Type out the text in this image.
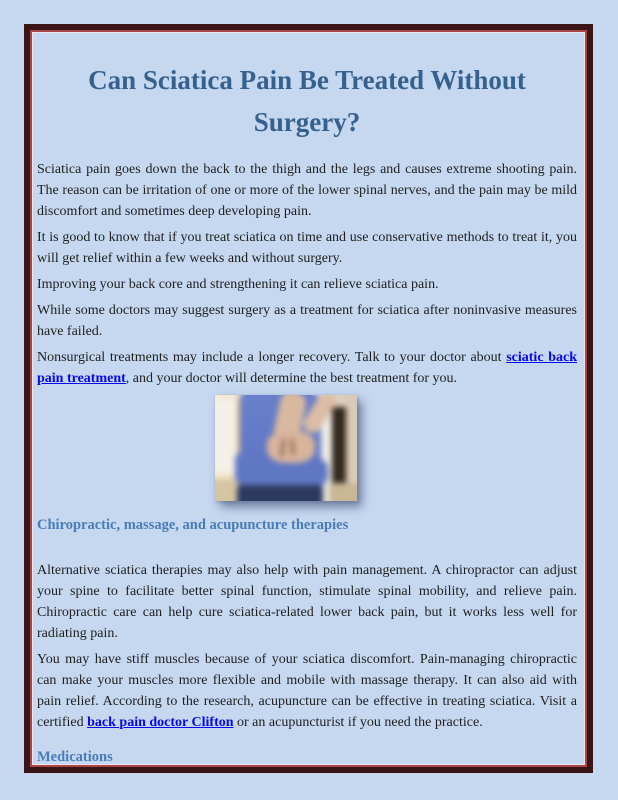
Can Sciatica Pain Be Treated Without Surgery?

Sciatica pain goes down the back to the thigh and the legs and causes extreme shooting pain. The reason can be irritation of one or more of the lower spinal nerves, and the pain may be mild discomfort and sometimes deep developing pain.

It is good to know that if you treat sciatica on time and use conservative methods to treat it, you will get relief within a few weeks and without surgery.

Improving your back core and strengthening it can relieve sciatica pain.

While some doctors may suggest surgery as a treatment for sciatica after noninvasive measures have failed.

Nonsurgical treatments may include a longer recovery. Talk to your doctor about sciatic back pain treatment, and your doctor will determine the best treatment for you.

Chiropractic, massage, and acupuncture therapies

Alternative sciatica therapies may also help with pain management. A chiropractor can adjust your spine to facilitate better spinal function, stimulate spinal mobility, and relieve pain. Chiropractic care can help cure sciatica-related lower back pain, but it works less well for radiating pain.

You may have stiff muscles because of your sciatica discomfort. Pain-managing chiropractic can make your muscles more flexible and mobile with massage therapy. It can also aid with pain relief. According to the research, acupuncture can be effective in treating sciatica. Visit a certified back pain doctor Clifton or an acupuncturist if you need the practice.

Medications
